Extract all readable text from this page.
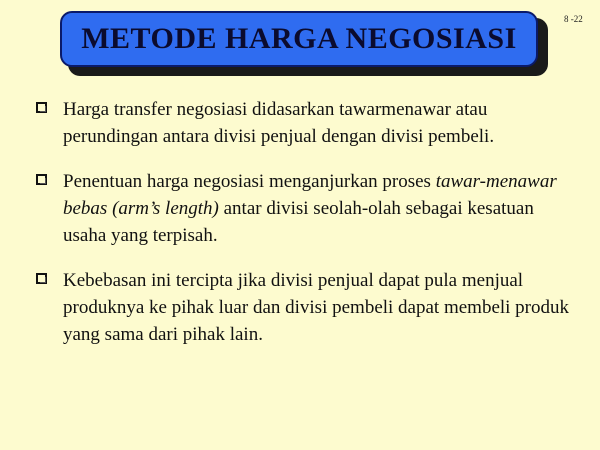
METODE HARGA NEGOSIASI
8 -22
Harga transfer negosiasi didasarkan tawarmenawar atau perundingan antara divisi penjual dengan divisi pembeli.
Penentuan harga negosiasi menganjurkan proses tawar-menawar bebas (arm’s length) antar divisi seolah-olah sebagai kesatuan usaha yang terpisah.
Kebebasan ini tercipta jika divisi penjual dapat pula menjual produknya ke pihak luar dan divisi pembeli dapat membeli produk yang sama dari pihak lain.
